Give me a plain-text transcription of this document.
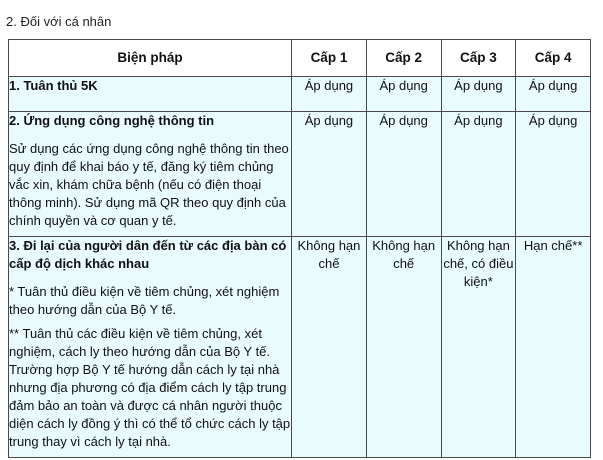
2. Đối với cá nhân
Biện pháp	Cấp 1	Cấp 2	Cấp 3	Cấp 4

1. Tuân thủ 5K	Áp dụng	Áp dụng	Áp dụng	Áp dụng

2. Ứng dụng công nghệ thông tin

Sử dụng các ứng dụng công nghệ thông tin theo quy định để khai báo y tế, đăng ký tiêm chủng vắc xin, khám chữa bệnh (nếu có điện thoại thông minh). Sử dụng mã QR theo quy định của chính quyền và cơ quan y tế.	Áp dụng	Áp dụng	Áp dụng	Áp dụng

3. Đi lại của người dân đến từ các địa bàn có cấp độ dịch khác nhau

* Tuân thủ điều kiện về tiêm chủng, xét nghiệm theo hướng dẫn của Bộ Y tế.

** Tuân thủ các điều kiện về tiêm chủng, xét nghiệm, cách ly theo hướng dẫn của Bộ Y tế. Trường hợp Bộ Y tế hướng dẫn cách ly tại nhà nhưng địa phương có địa điểm cách ly tập trung đảm bảo an toàn và được cá nhân người thuộc diện cách ly đồng ý thì có thể tổ chức cách ly tập trung thay vì cách ly tại nhà.	Không hạn chế	Không hạn chế	Không hạn chế, có điều kiện*	Hạn chế**
